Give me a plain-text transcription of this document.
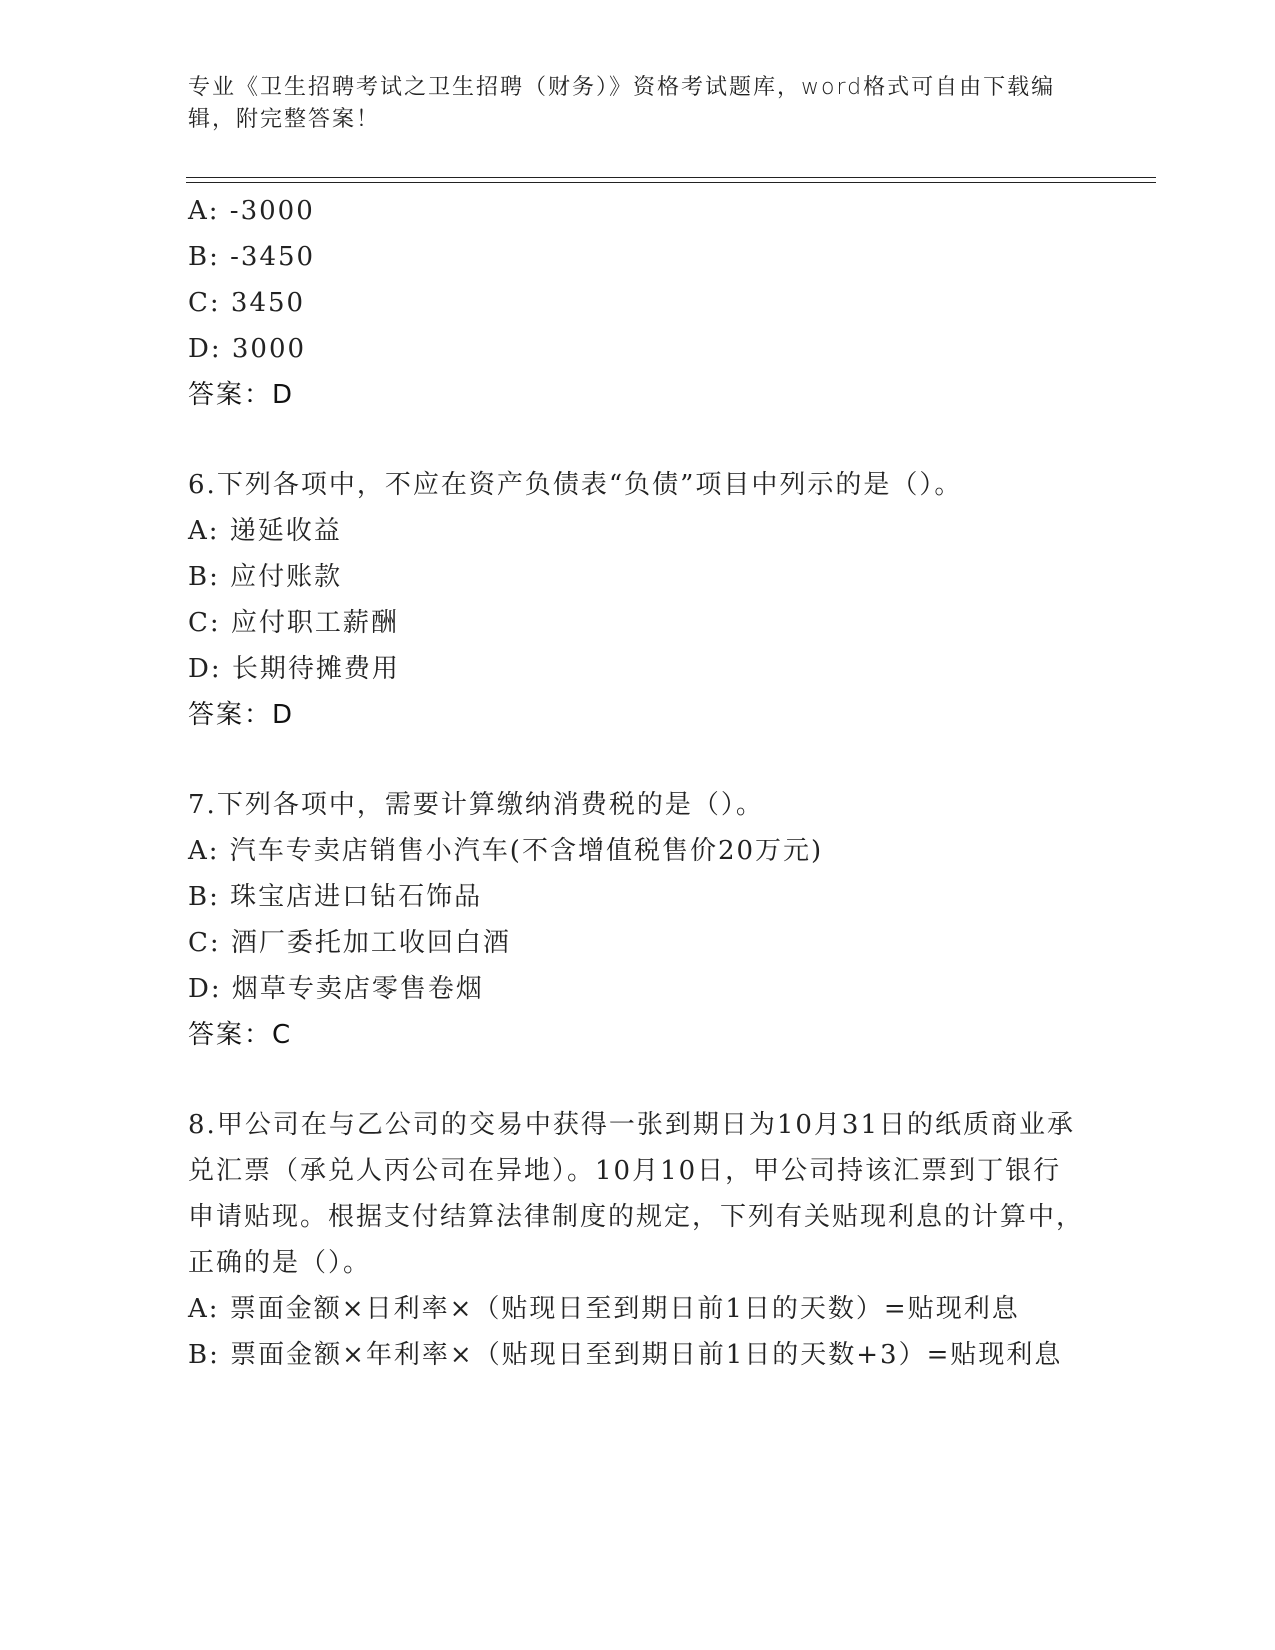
专业《卫生招聘考试之卫生招聘（财务）》资格考试题库，word格式可自由下载编辑，附完整答案！
A: -3000
B: -3450
C: 3450
D: 3000
答案：D
6.下列各项中，不应在资产负债表“负债”项目中列示的是（）。
A: 递延收益
B: 应付账款
C: 应付职工薪酬
D: 长期待摊费用
答案：D
7.下列各项中，需要计算缴纳消费税的是（）。
A: 汽车专卖店销售小汽车(不含增值税售价20万元)
B: 珠宝店进口钻石饰品
C: 酒厂委托加工收回白酒
D: 烟草专卖店零售卷烟
答案：C
8.甲公司在与乙公司的交易中获得一张到期日为10月31日的纸质商业承兑汇票（承兑人丙公司在异地）。10月10日，甲公司持该汇票到丁银行申请贴现。根据支付结算法律制度的规定，下列有关贴现利息的计算中，正确的是（）。
A: 票面金额×日利率×（贴现日至到期日前1日的天数）=贴现利息
B: 票面金额×年利率×（贴现日至到期日前1日的天数+3）=贴现利息
